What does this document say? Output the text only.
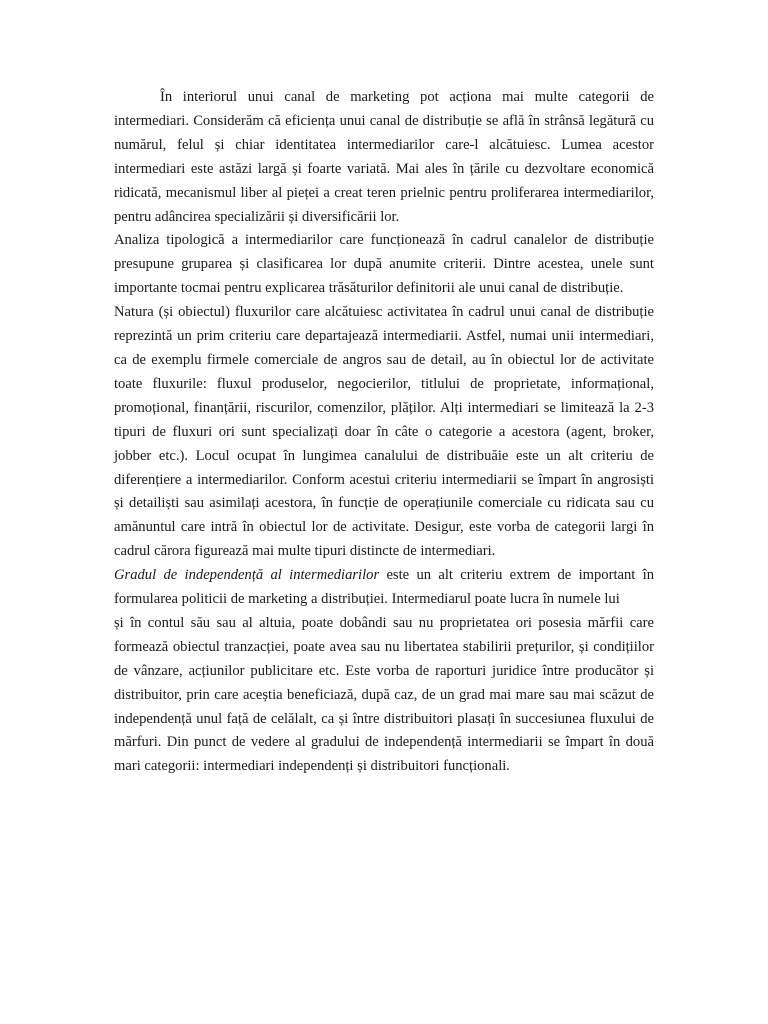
În interiorul unui canal de marketing pot acționa mai multe categorii de intermediari. Considerăm că eficiența unui canal de distribuție se află în strânsă legătură cu numărul, felul și chiar identitatea intermediarilor care-l alcătuiesc. Lumea acestor intermediari este astăzi largă și foarte variată. Mai ales în țările cu dezvoltare economică ridicată, mecanismul liber al pieței a creat teren prielnic pentru proliferarea intermediarilor, pentru adâncirea specializării și diversificării lor.

Analiza tipologică a intermediarilor care funcționează în cadrul canalelor de distribuție presupune gruparea și clasificarea lor după anumite criterii. Dintre acestea, unele sunt importante tocmai pentru explicarea trăsăturilor definitorii ale unui canal de distribuție.

Natura (și obiectul) fluxurilor care alcătuiesc activitatea în cadrul unui canal de distribuție reprezintă un prim criteriu care departajează intermediarii. Astfel, numai unii intermediari, ca de exemplu firmele comerciale de angros sau de detail, au în obiectul lor de activitate toate fluxurile: fluxul produselor, negocierilor, titlului de proprietate, informațional, promoțional, finanțării, riscurilor, comenzilor, plăților. Alți intermediari se limitează la 2-3 tipuri de fluxuri ori sunt specializați doar în câte o categorie a acestora (agent, broker, jobber etc.). Locul ocupat în lungimea canalului de distribuăie este un alt criteriu de diferențiere a intermediarilor. Conform acestui criteriu intermediarii se împart în angrosiști și detailiști sau asimilați acestora, în funcție de operațiunile comerciale cu ridicata sau cu amănuntul care intră în obiectul lor de activitate. Desigur, este vorba de categorii largi în cadrul cărora figurează mai multe tipuri distincte de intermediari.

Gradul de independență al intermediarilor este un alt criteriu extrem de important în formularea politicii de marketing a distribuției. Intermediarul poate lucra în numele lui

și în contul său sau al altuia, poate dobândi sau nu proprietatea ori posesia mărfii care formează obiectul tranzacției, poate avea sau nu libertatea stabilirii prețurilor, și condițiilor de vânzare, acțiunilor publicitare etc. Este vorba de raporturi juridice între producător și distribuitor, prin care aceștia beneficiază, după caz, de un grad mai mare sau mai scăzut de independență unul față de celălalt, ca și între distribuitori plasați în succesiunea fluxului de mărfuri. Din punct de vedere al gradului de independență intermediarii se împart în două mari categorii: intermediari independenți și distribuitori funcționali.
